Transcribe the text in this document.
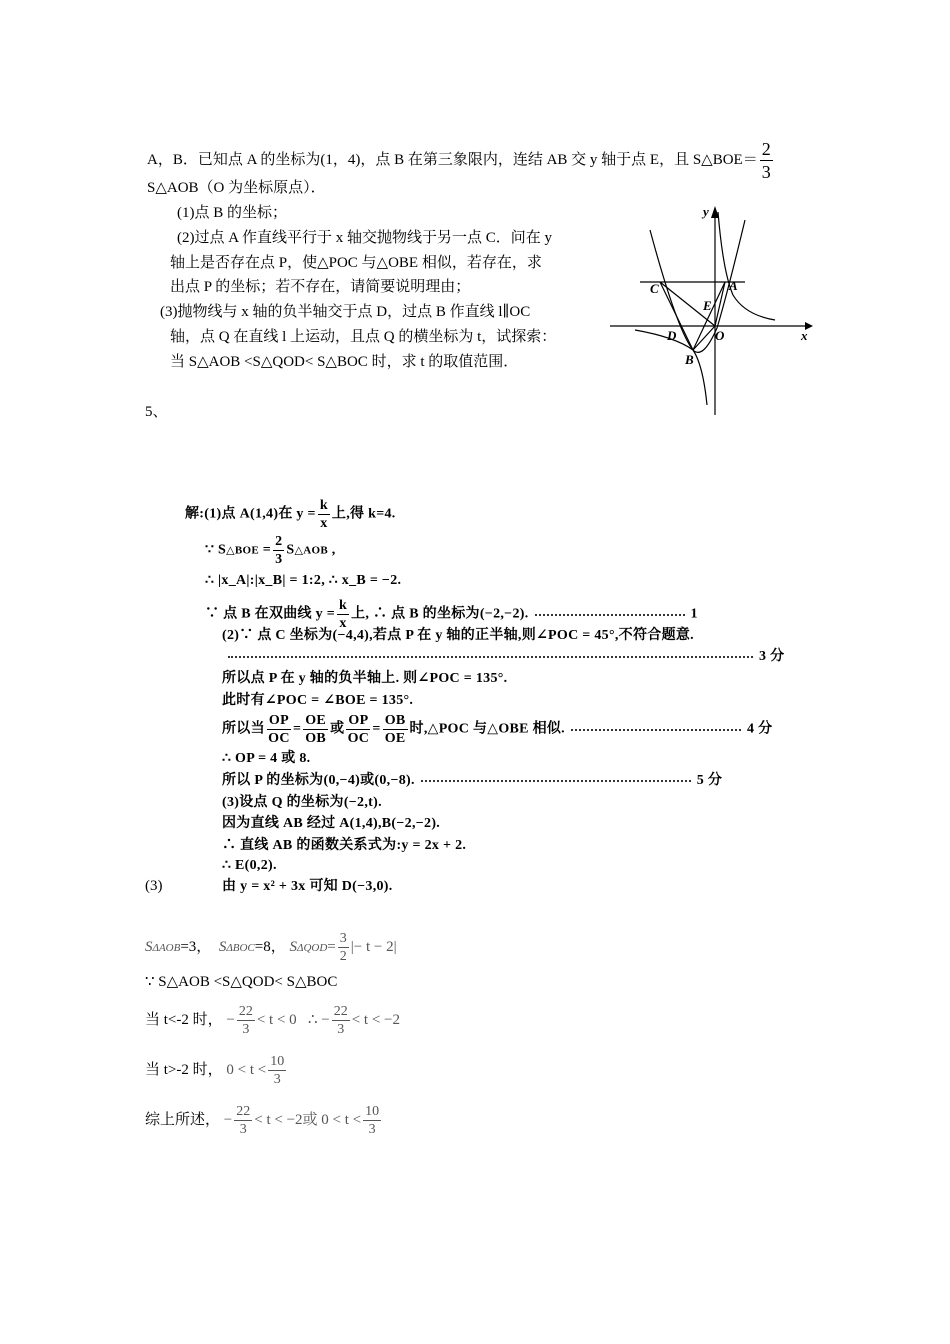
A，B．已知点 A 的坐标为(1，4)，点 B 在第三象限内，连结 AB 交 y 轴于点 E，且 S△BOE＝ $\frac{2}{3}$
S△AOB（O 为坐标原点）．
(1)点 B 的坐标；
(2)过点 A 作直线平行于 x 轴交抛物线于另一点 C．问在 y
轴上是否存在点 P，使△POC 与△OBE 相似，若存在，求
出点 P 的坐标；若不存在，请简要说明理由；
(3)抛物线与 x 轴的负半轴交于点 D，过点 B 作直线 l∥OC
轴，点 Q 在直线 l 上运动，且点 Q 的横坐标为 t，试探索：
当 S△AOB <S△QOD< S△BOC 时，求 t 的取值范围．
5、
y
x
C	A
E
D	O
B
解:(1)点 A(1,4)在 $y = \frac{k}{x}$ 上,得 k=4.
∵ S△BOE = $\frac{2}{3}$ S△AOB ,
∴ |x_A|:|x_B| = 1:2, ∴ x_B = −2.
∵ 点 B 在双曲线 $y = \frac{k}{x}$ 上, ∴ 点 B 的坐标为(−2,−2).	1
(2)∵ 点 C 坐标为(−4,4),若点 P 在 y 轴的正半轴,则∠POC = 45°,不符合题意.
3 分
所以点 P 在 y 轴的负半轴上. 则∠POC = 135°.
此时有∠POC = ∠BOE = 135°.
所以当 $\frac{OP}{OC} = \frac{OE}{OB}$ 或 $\frac{OP}{OC} = \frac{OB}{OE}$ 时,△POC 与△OBE 相似.	4 分
∴ OP = 4 或 8.
所以 P 的坐标为(0,−4)或(0,−8).	5 分
(3)设点 Q 的坐标为(−2,t).
因为直线 AB 经过 A(1,4),B(−2,−2).
∴ 直线 AB 的函数关系式为:y = 2x + 2.
∴ E(0,2).
(3)	由 y = x² + 3x 可知 D(−3,0).
SΔAOB=3， SΔBOC=8， $S\Delta QOD= \frac{3}{2}$ |− t − 2|
∵ S△AOB <S△QOD< S△BOC
当 t<-2 时， − $\frac{22}{3} < t < 0$ ∴ − $\frac{22}{3} < t < -2$
当 t>-2 时， $0 < t < \frac{10}{3}$
综上所述， − $\frac{22}{3} < t < -2$或 $0 < t < \frac{10}{3}$
